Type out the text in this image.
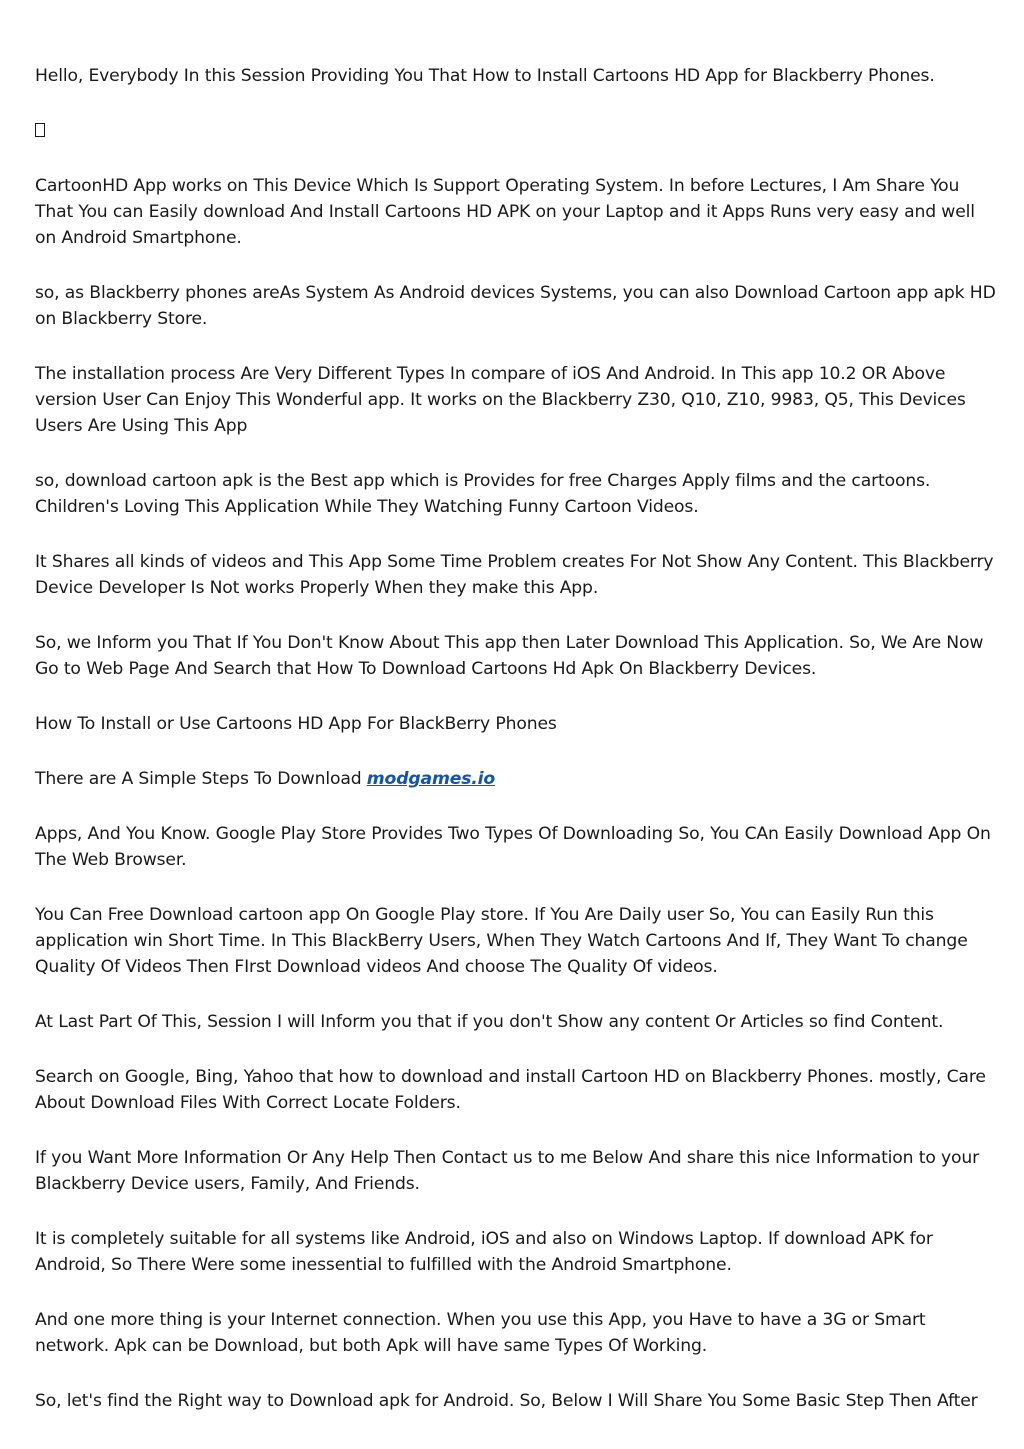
Hello, Everybody In this Session Providing You That How to Install Cartoons HD App for Blackberry Phones.

CartoonHD App works on This Device Which Is Support Operating System. In before Lectures, I Am Share You That You can Easily download And Install Cartoons HD APK on your Laptop and it Apps Runs very easy and well on Android Smartphone.

so, as Blackberry phones areAs System As Android devices Systems, you can also Download Cartoon app apk HD on Blackberry Store.

The installation process Are Very Different Types In compare of iOS And Android. In This app 10.2 OR Above version User Can Enjoy This Wonderful app. It works on the Blackberry Z30, Q10, Z10, 9983, Q5, This Devices Users Are Using This App

so, download cartoon apk is the Best app which is Provides for free Charges Apply films and the cartoons. Children's Loving This Application While They Watching Funny Cartoon Videos.

It Shares all kinds of videos and This App Some Time Problem creates For Not Show Any Content. This Blackberry Device Developer Is Not works Properly When they make this App.

So, we Inform you That If You Don't Know About This app then Later Download This Application. So, We Are Now Go to Web Page And Search that How To Download Cartoons Hd Apk On Blackberry Devices.

How To Install or Use Cartoons HD App For BlackBerry Phones

There are A Simple Steps To Download modgames.io

Apps, And You Know. Google Play Store Provides Two Types Of Downloading So, You CAn Easily Download App On The Web Browser.

You Can Free Download cartoon app On Google Play store. If You Are Daily user So, You can Easily Run this application win Short Time. In This BlackBerry Users, When They Watch Cartoons And If, They Want To change Quality Of Videos Then FIrst Download videos And choose The Quality Of videos.

At Last Part Of This, Session I will Inform you that if you don't Show any content Or Articles so find Content.

Search on Google, Bing, Yahoo that how to download and install Cartoon HD on Blackberry Phones. mostly, Care About Download Files With Correct Locate Folders.

If you Want More Information Or Any Help Then Contact us to me Below And share this nice Information to your Blackberry Device users, Family, And Friends.

It is completely suitable for all systems like Android, iOS and also on Windows Laptop. If download APK for Android, So There Were some inessential to fulfilled with the Android Smartphone.

And one more thing is your Internet connection. When you use this App, you Have to have a 3G or Smart network. Apk can be Download, but both Apk will have same Types Of Working.

So, let's find the Right way to Download apk for Android. So, Below I Will Share You Some Basic Step Then After
